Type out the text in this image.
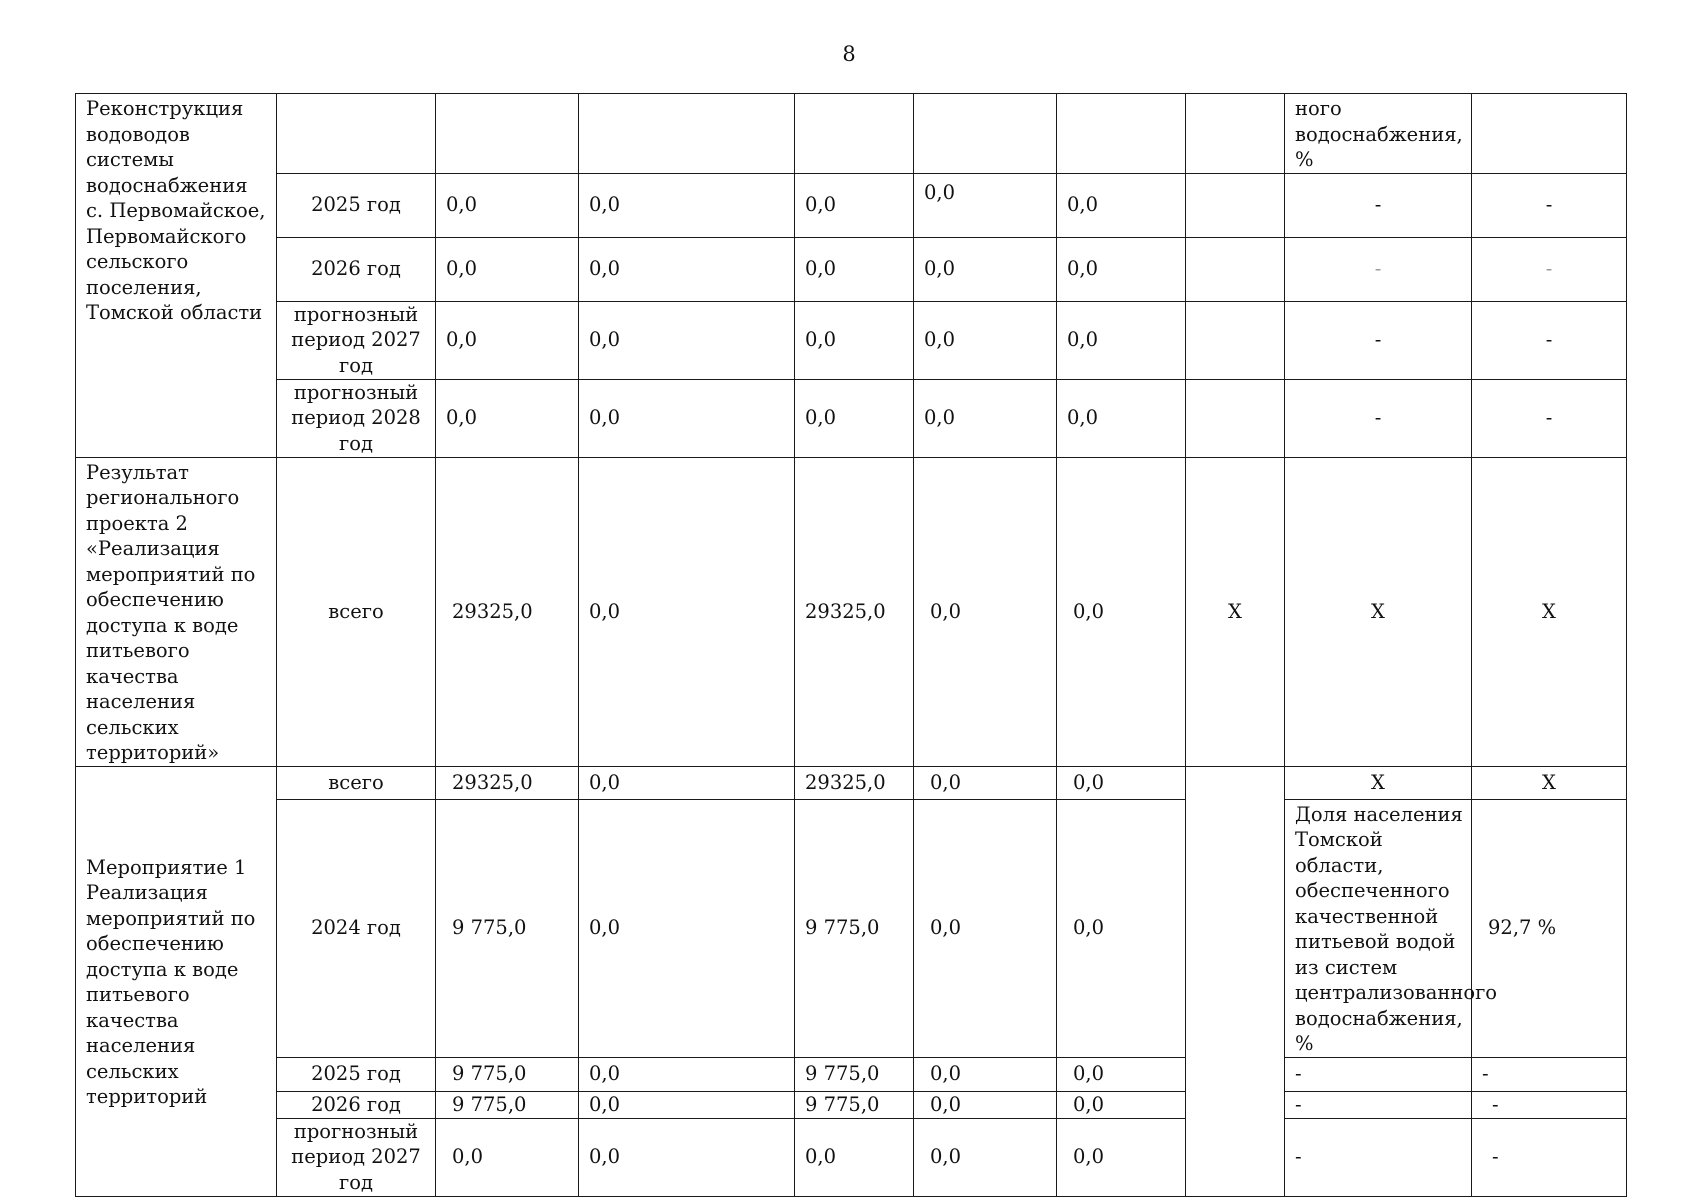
8
Реконструкция водоводов системы водоснабжения с. Первомайское, Первомайского сельского поселения, Томской области								ного водоснабжения, %	
	2025 год	0,0	0,0	0,0	0,0	0,0		-	-
	2026 год	0,0	0,0	0,0	0,0	0,0		-	-
	прогнозный период 2027 год	0,0	0,0	0,0	0,0	0,0		-	-
	прогнозный период 2028 год	0,0	0,0	0,0	0,0	0,0		-	-
Результат регионального проекта 2 «Реализация мероприятий по обеспечению доступа к воде питьевого качества населения сельских территорий»	всего	29325,0	0,0	29325,0	0,0	0,0	X	X	X
Мероприятие 1 Реализация мероприятий по обеспечению доступа к воде питьевого качества населения сельских территорий	всего	29325,0	0,0	29325,0	0,0	0,0		X	X
	2024 год	9 775,0	0,0	9 775,0	0,0	0,0		Доля населения Томской области, обеспеченного качественной питьевой водой из систем централизованного водоснабжения, %	92,7 %
	2025 год	9 775,0	0,0	9 775,0	0,0	0,0		-	-
	2026 год	9 775,0	0,0	9 775,0	0,0	0,0		-	-
	прогнозный период 2027 год	0,0	0,0	0,0	0,0	0,0		-	-
